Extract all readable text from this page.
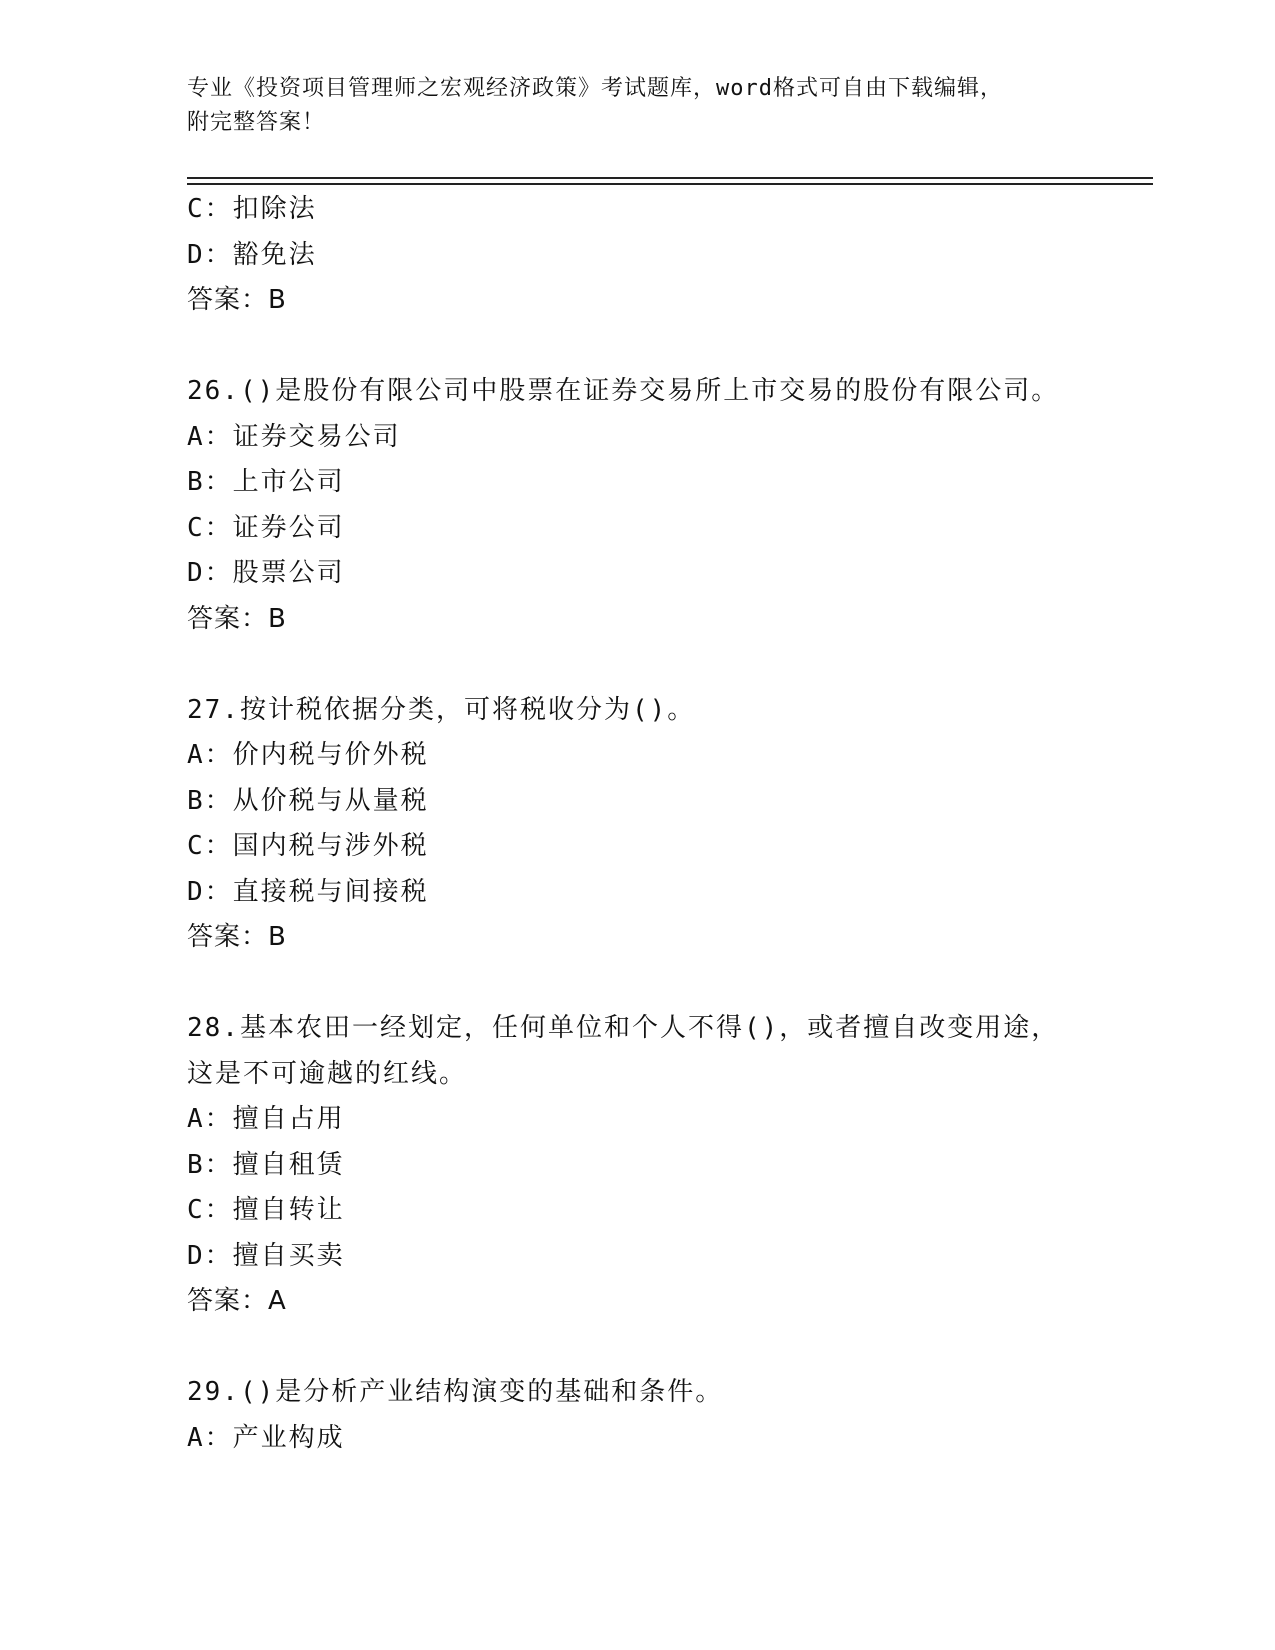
专业《投资项目管理师之宏观经济政策》考试题库，word格式可自由下载编辑，
附完整答案！
C：扣除法
D：豁免法
答案：B
26.()是股份有限公司中股票在证券交易所上市交易的股份有限公司。
A：证券交易公司
B：上市公司
C：证券公司
D：股票公司
答案：B
27.按计税依据分类，可将税收分为()。
A：价内税与价外税
B：从价税与从量税
C：国内税与涉外税
D：直接税与间接税
答案：B
28.基本农田一经划定，任何单位和个人不得()，或者擅自改变用途，
这是不可逾越的红线。
A：擅自占用
B：擅自租赁
C：擅自转让
D：擅自买卖
答案：A
29.()是分析产业结构演变的基础和条件。
A：产业构成
